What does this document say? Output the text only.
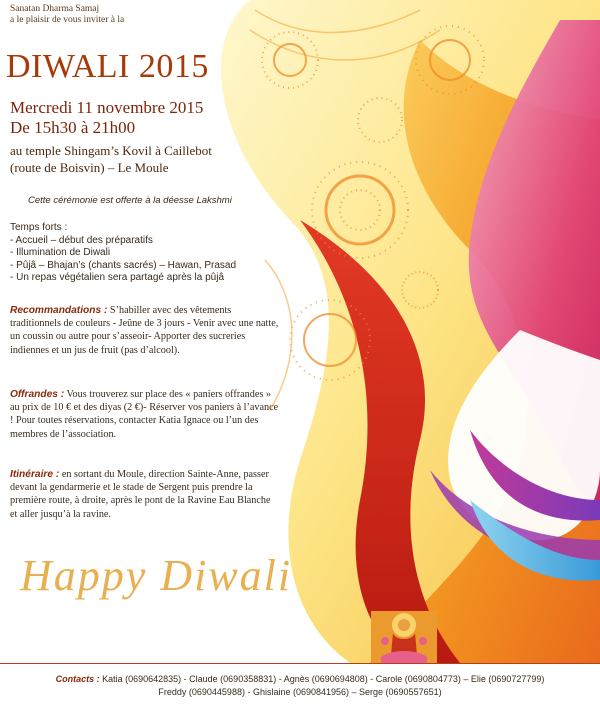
Sanatan Dharma Samaj
a le plaisir de vous inviter à la
DIWALI 2015
Mercredi 11 novembre 2015
De 15h30 à 21h00
au temple Shingam’s Kovil à Caillebot
(route de Boisvin) – Le Moule
Cette cérémonie est offerte à la déesse Lakshmi
Temps forts :
- Accueil – début des préparatifs
- Illumination de Diwali
- Pûjâ – Bhajan’s (chants sacrés) – Hawan, Prasad
- Un repas végétalien sera partagé après la pûjâ
Recommandations : S’habiller avec des vêtements traditionnels de couleurs - Jeûne de 3 jours - Venir avec une natte, un coussin ou autre pour s’asseoir- Apporter des sucreries indiennes et un jus de fruit (pas d’alcool).
Offrandes : Vous trouverez sur place des « paniers offrandes » au prix de 10 € et des diyas (2 €)- Réserver vos paniers à l’avance ! Pour toutes réservations, contacter Katia Ignace ou l’un des membres de l’association.
Itinéraire : en sortant du Moule, direction Sainte-Anne, passer devant la gendarmerie et le stade de Sergent puis prendre la première route, à droite, après le pont de la Ravine Eau Blanche et aller jusqu’à la ravine.
Happy Diwali
Contacts : Katia (0690642835) - Claude (0690358831) - Agnès (0690694808) - Carole (0690804773) – Elie (0690727799)
Freddy (0690445988) - Ghislaine (0690841956) – Serge (0690557651)
